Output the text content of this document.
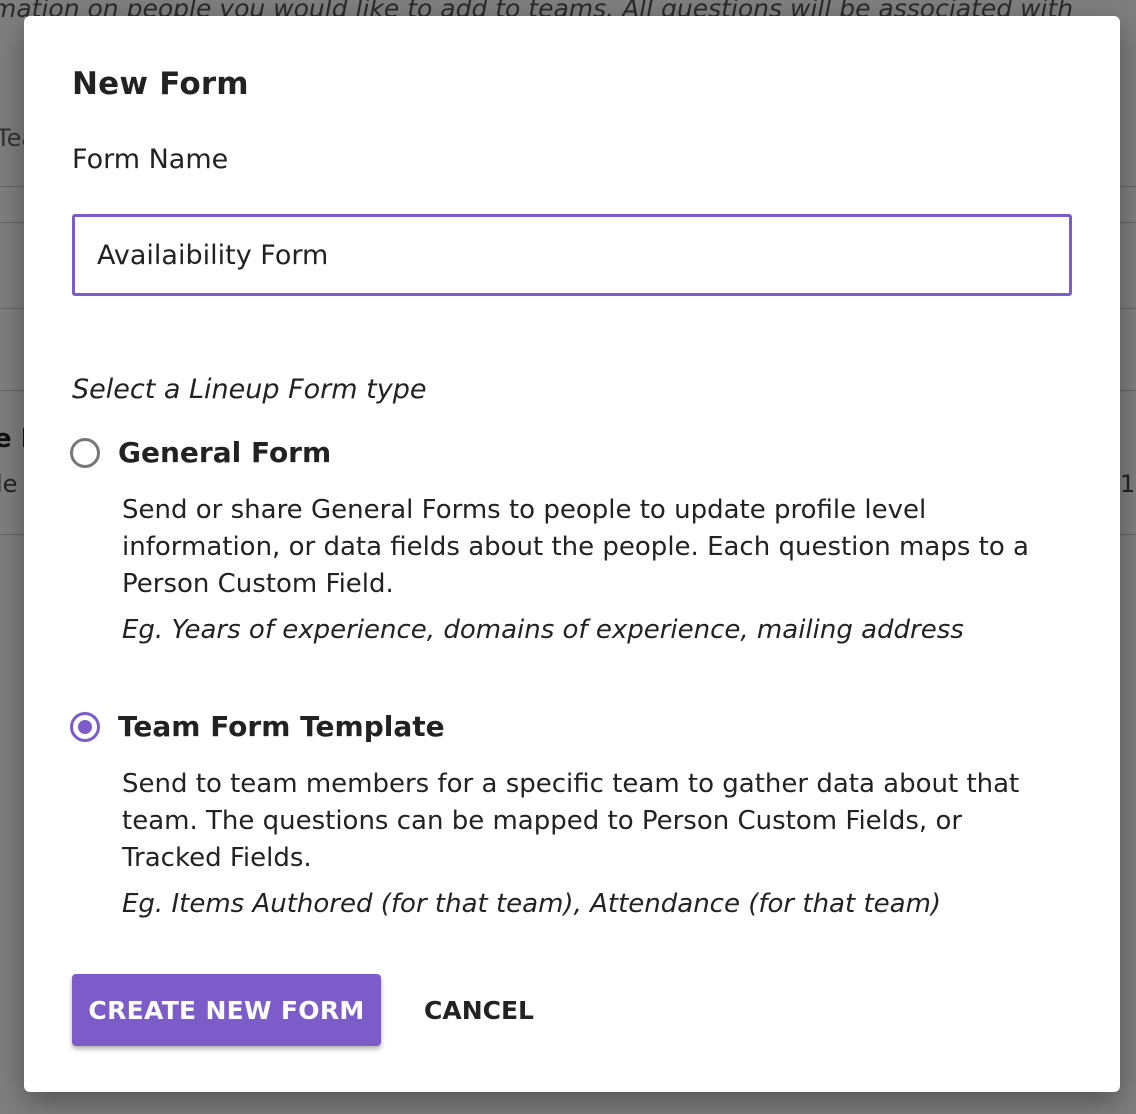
New Form
Form Name
Availaibility Form
Select a Lineup Form type
General Form

Send or share General Forms to people to update profile level information, or data fields about the people. Each question maps to a Person Custom Field.

Eg. Years of experience, domains of experience, mailing address

Team Form Template

Send to team members for a specific team to gather data about that team. The questions can be mapped to Person Custom Fields, or Tracked Fields.

Eg. Items Authored (for that team), Attendance (for that team)

CREATE NEW FORM	CANCEL
